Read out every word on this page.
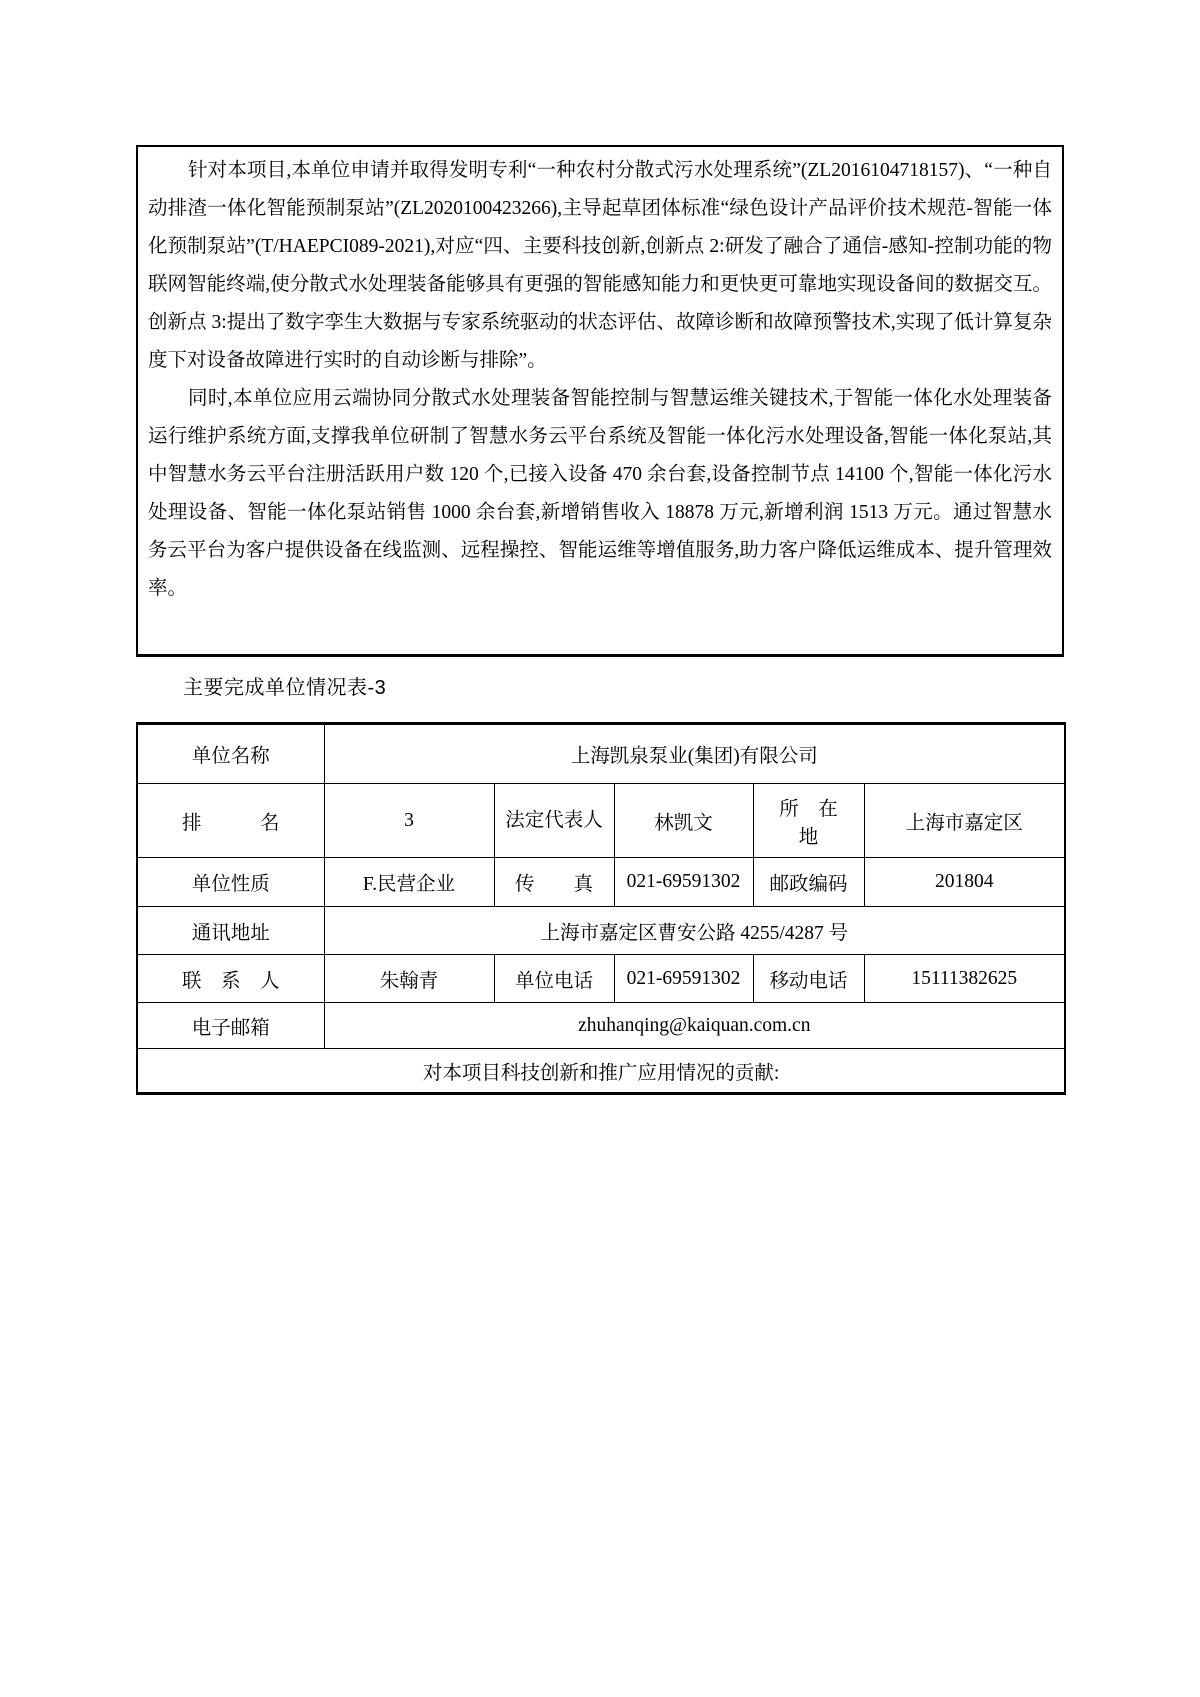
针对本项目,本单位申请并取得发明专利“一种农村分散式污水处理系统”(ZL2016104718157)、“一种自动排渣一体化智能预制泵站”(ZL2020100423266),主导起草团体标准“绿色设计产品评价技术规范-智能一体化预制泵站”(T/HAEPCI089-2021),对应“四、主要科技创新,创新点 2:研发了融合了通信-感知-控制功能的物联网智能终端,使分散式水处理装备能够具有更强的智能感知能力和更快更可靠地实现设备间的数据交互。创新点 3:提出了数字孪生大数据与专家系统驱动的状态评估、故障诊断和故障预警技术,实现了低计算复杂度下对设备故障进行实时的自动诊断与排除”。

同时,本单位应用云端协同分散式水处理装备智能控制与智慧运维关键技术,于智能一体化水处理装备运行维护系统方面,支撑我单位研制了智慧水务云平台系统及智能一体化污水处理设备,智能一体化泵站,其中智慧水务云平台注册活跃用户数 120 个,已接入设备 470 余台套,设备控制节点 14100 个,智能一体化污水处理设备、智能一体化泵站销售 1000 余台套,新增销售收入 18878 万元,新增利润 1513 万元。通过智慧水务云平台为客户提供设备在线监测、远程操控、智能运维等增值服务,助力客户降低运维成本、提升管理效率。

主要完成单位情况表-3
单位名称	上海凯泉泵业(集团)有限公司				
排　　　名	3	法定代表人	林凯文	所　在　地	上海市嘉定区
单位性质	F.民营企业	传　　真	021-69591302	邮政编码	201804
通讯地址	上海市嘉定区曹安公路 4255/4287 号				
联　系　人	朱翰青	单位电话	021-69591302	移动电话	15111382625
电子邮箱	zhuhanqing@kaiquan.com.cn				
对本项目科技创新和推广应用情况的贡献:					
